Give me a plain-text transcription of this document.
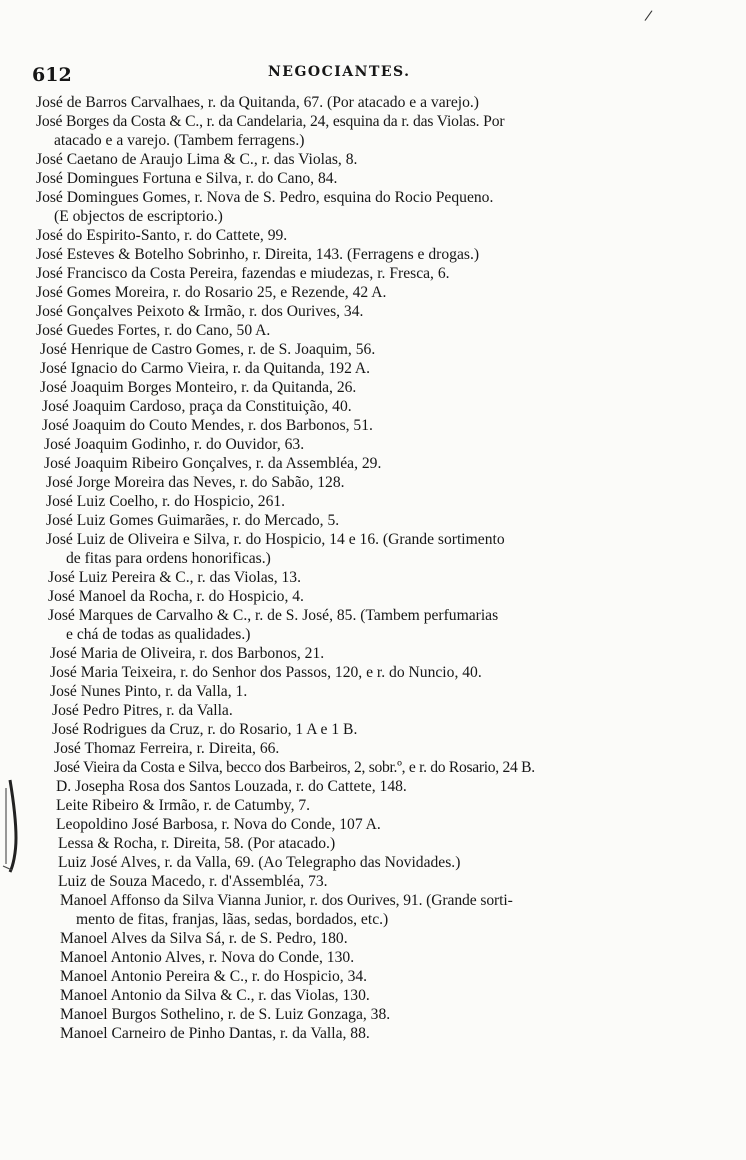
/
612	NEGOCIANTES.
José de Barros Carvalhaes, r. da Quitanda, 67. (Por atacado e a varejo.)
José Borges da Costa & C., r. da Candelaria, 24, esquina da r. das Violas. Por
atacado e a varejo. (Tambem ferragens.)
José Caetano de Araujo Lima & C., r. das Violas, 8.
José Domingues Fortuna e Silva, r. do Cano, 84.
José Domingues Gomes, r. Nova de S. Pedro, esquina do Rocio Pequeno.
(E objectos de escriptorio.)
José do Espirito-Santo, r. do Cattete, 99.
José Esteves & Botelho Sobrinho, r. Direita, 143. (Ferragens e drogas.)
José Francisco da Costa Pereira, fazendas e miudezas, r. Fresca, 6.
José Gomes Moreira, r. do Rosario 25, e Rezende, 42 A.
José Gonçalves Peixoto & Irmão, r. dos Ourives, 34.
José Guedes Fortes, r. do Cano, 50 A.
José Henrique de Castro Gomes, r. de S. Joaquim, 56.
José Ignacio do Carmo Vieira, r. da Quitanda, 192 A.
José Joaquim Borges Monteiro, r. da Quitanda, 26.
José Joaquim Cardoso, praça da Constituição, 40.
José Joaquim do Couto Mendes, r. dos Barbonos, 51.
José Joaquim Godinho, r. do Ouvidor, 63.
José Joaquim Ribeiro Gonçalves, r. da Assembléa, 29.
José Jorge Moreira das Neves, r. do Sabão, 128.
José Luiz Coelho, r. do Hospicio, 261.
José Luiz Gomes Guimarães, r. do Mercado, 5.
José Luiz de Oliveira e Silva, r. do Hospicio, 14 e 16. (Grande sortimento
de fitas para ordens honorificas.)
José Luiz Pereira & C., r. das Violas, 13.
José Manoel da Rocha, r. do Hospicio, 4.
José Marques de Carvalho & C., r. de S. José, 85. (Tambem perfumarias
e chá de todas as qualidades.)
José Maria de Oliveira, r. dos Barbonos, 21.
José Maria Teixeira, r. do Senhor dos Passos, 120, e r. do Nuncio, 40.
José Nunes Pinto, r. da Valla, 1.
José Pedro Pitres, r. da Valla.
José Rodrigues da Cruz, r. do Rosario, 1 A e 1 B.
José Thomaz Ferreira, r. Direita, 66.
José Vieira da Costa e Silva, becco dos Barbeiros, 2, sobr.º, e r. do Rosario, 24 B.
D. Josepha Rosa dos Santos Louzada, r. do Cattete, 148.
Leite Ribeiro & Irmão, r. de Catumby, 7.
Leopoldino José Barbosa, r. Nova do Conde, 107 A.
Lessa & Rocha, r. Direita, 58. (Por atacado.)
Luiz José Alves, r. da Valla, 69. (Ao Telegrapho das Novidades.)
Luiz de Souza Macedo, r. d'Assembléa, 73.
Manoel Affonso da Silva Vianna Junior, r. dos Ourives, 91. (Grande sorti-
mento de fitas, franjas, lãas, sedas, bordados, etc.)
Manoel Alves da Silva Sá, r. de S. Pedro, 180.
Manoel Antonio Alves, r. Nova do Conde, 130.
Manoel Antonio Pereira & C., r. do Hospicio, 34.
Manoel Antonio da Silva & C., r. das Violas, 130.
Manoel Burgos Sothelino, r. de S. Luiz Gonzaga, 38.
Manoel Carneiro de Pinho Dantas, r. da Valla, 88.
